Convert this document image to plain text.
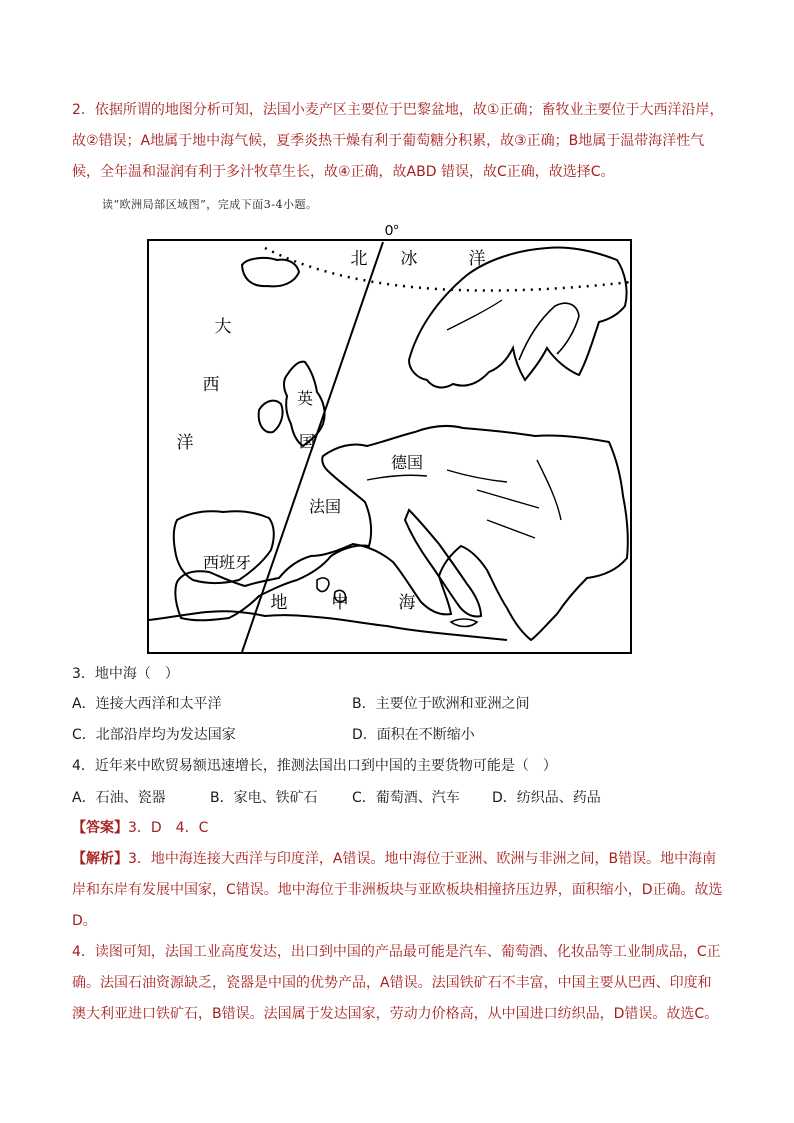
2．依据所谓的地图分析可知，法国小麦产区主要位于巴黎盆地，故①正确；畜牧业主要位于大西洋沿岸，
故②错误；A地属于地中海气候，夏季炎热干燥有利于葡萄糖分积累，故③正确；B地属于温带海洋性气
候，全年温和湿润有利于多汁牧草生长，故④正确，故ABD 错误，故C正确，故选择C。
读“欧洲局部区域图”，完成下面3-4小题。
0°
北 冰	洋
大
西
洋
英
国
德国
法国
西班牙
地	中	海
3．地中海（　）
A．连接大西洋和太平洋	B．主要位于欧洲和亚洲之间
C．北部沿岸均为发达国家	D．面积在不断缩小
4．近年来中欧贸易额迅速增长，推测法国出口到中国的主要货物可能是（　）
A．石油、瓷器	B．家电、铁矿石 C．葡萄酒、汽车 D．纺织品、药品
【答案】3．D　4．C
【解析】3．地中海连接大西洋与印度洋，A错误。地中海位于亚洲、欧洲与非洲之间，B错误。地中海南
岸和东岸有发展中国家，C错误。地中海位于非洲板块与亚欧板块相撞挤压边界，面积缩小，D正确。故选
D。
4．读图可知，法国工业高度发达，出口到中国的产品最可能是汽车、葡萄酒、化妆品等工业制成品，C正
确。法国石油资源缺乏，瓷器是中国的优势产品，A错误。法国铁矿石不丰富，中国主要从巴西、印度和
澳大利亚进口铁矿石，B错误。法国属于发达国家，劳动力价格高，从中国进口纺织品，D错误。故选C。
